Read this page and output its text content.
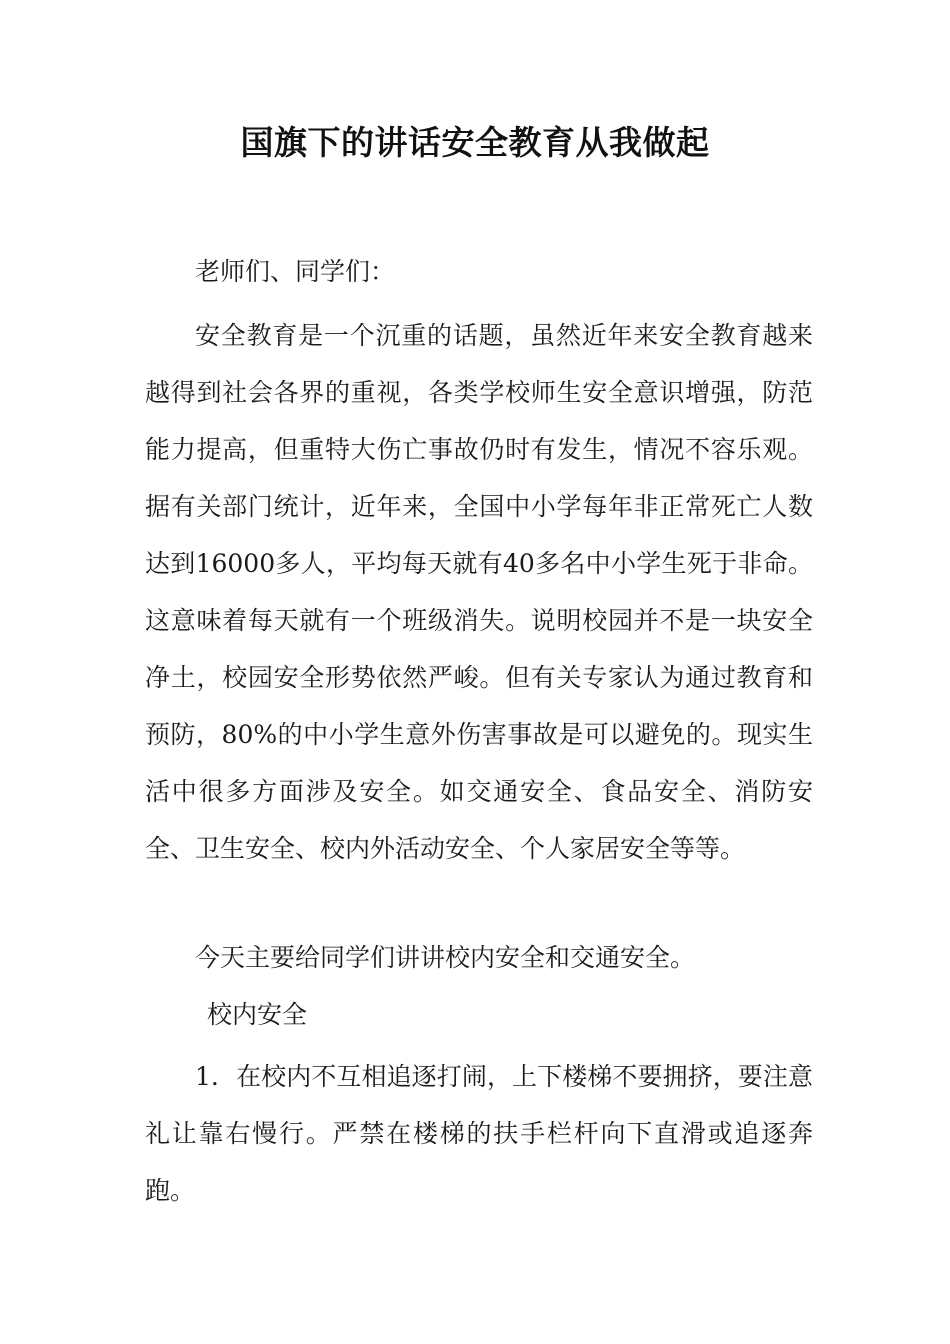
国旗下的讲话安全教育从我做起
老师们、同学们：
安全教育是一个沉重的话题，虽然近年来安全教育越来越得到社会各界的重视，各类学校师生安全意识增强，防范能力提高，但重特大伤亡事故仍时有发生，情况不容乐观。据有关部门统计，近年来，全国中小学每年非正常死亡人数达到16000多人，平均每天就有40多名中小学生死于非命。这意味着每天就有一个班级消失。说明校园并不是一块安全净土，校园安全形势依然严峻。但有关专家认为通过教育和预防，80%的中小学生意外伤害事故是可以避免的。现实生活中很多方面涉及安全。如交通安全、食品安全、消防安全、卫生安全、校内外活动安全、个人家居安全等等。
今天主要给同学们讲讲校内安全和交通安全。
校内安全
1．在校内不互相追逐打闹，上下楼梯不要拥挤，要注意礼让靠右慢行。严禁在楼梯的扶手栏杆向下直滑或追逐奔跑。
